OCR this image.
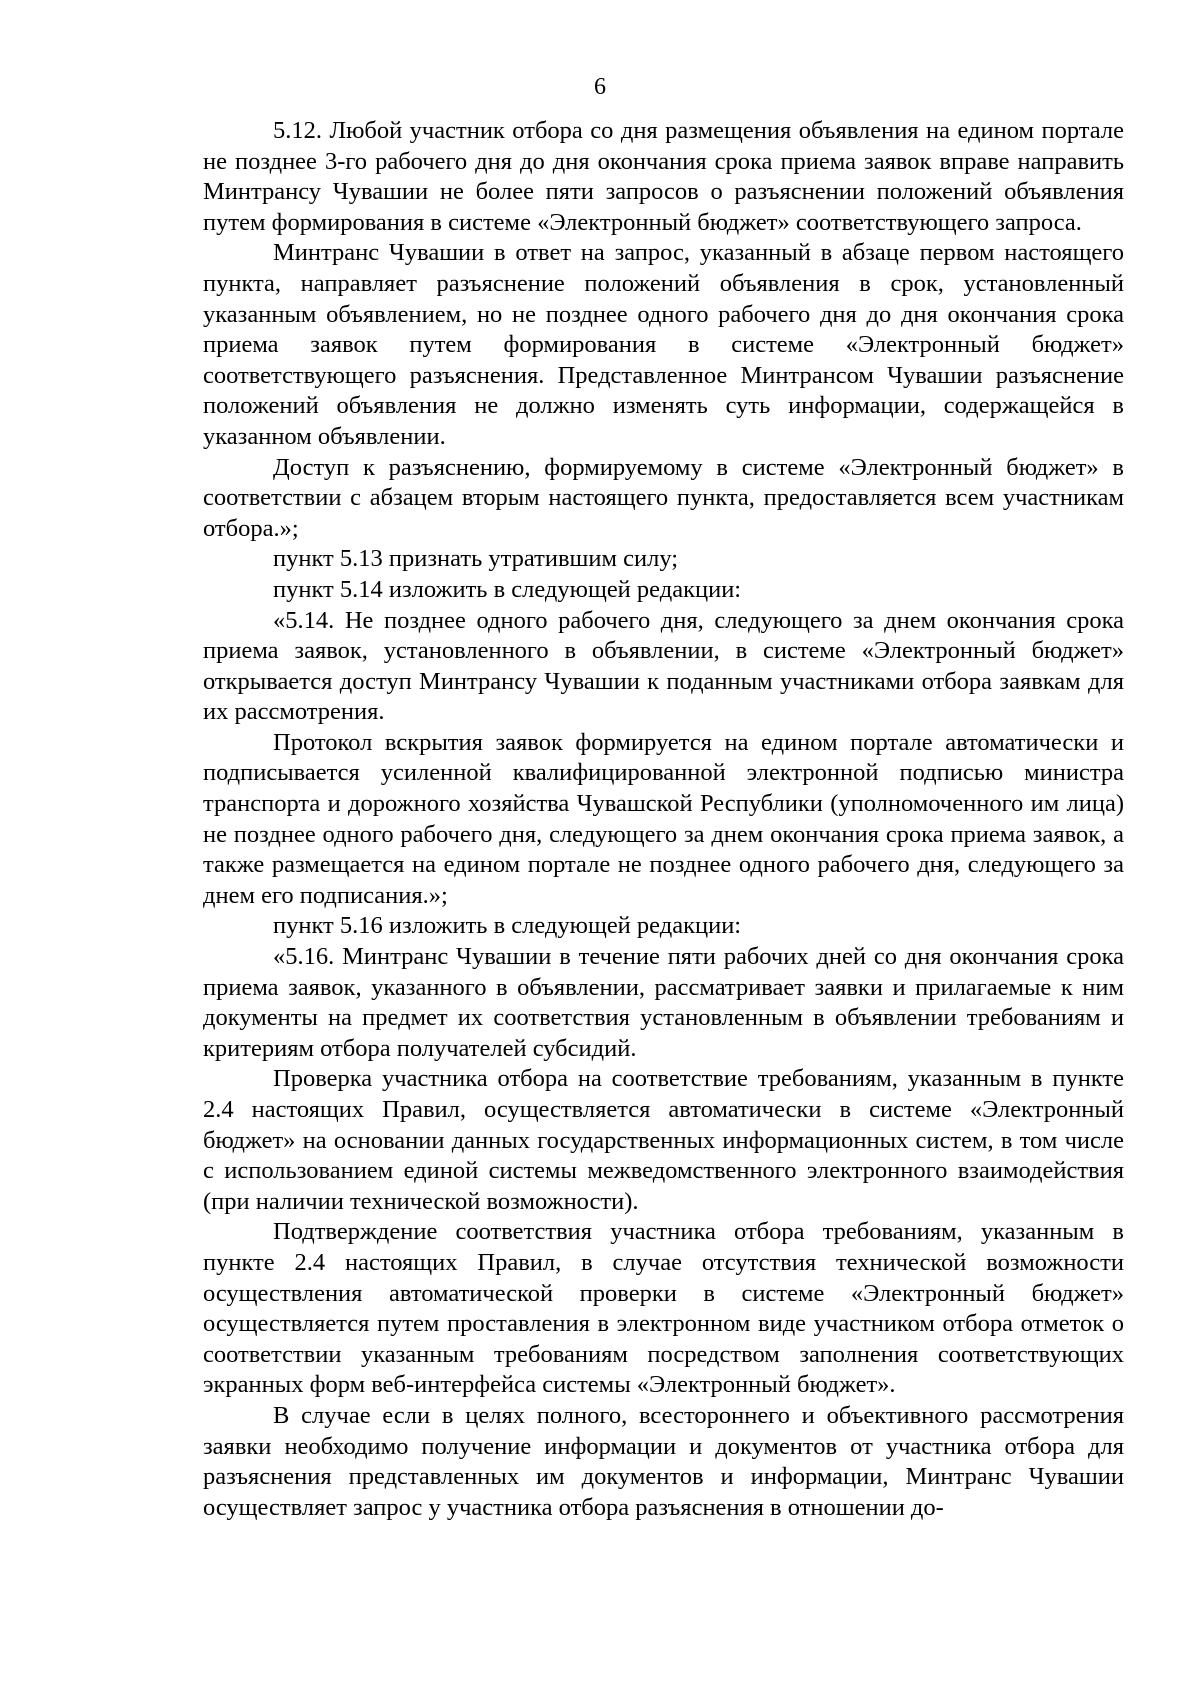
6

5.12. Любой участник отбора со дня размещения объявления на едином портале не позднее 3-го рабочего дня до дня окончания срока приема заявок вправе направить Минтрансу Чувашии не более пяти запросов о разъяснении положений объявления путем формирования в системе «Электронный бюджет» соответствующего запроса.

Минтранс Чувашии в ответ на запрос, указанный в абзаце первом настоящего пункта, направляет разъяснение положений объявления в срок, установленный указанным объявлением, но не позднее одного рабочего дня до дня окончания срока приема заявок путем формирования в системе «Электронный бюджет» соответствующего разъяснения. Представленное Минтрансом Чувашии разъяснение положений объявления не должно изменять суть информации, содержащейся в указанном объявлении.

Доступ к разъяснению, формируемому в системе «Электронный бюджет» в соответствии с абзацем вторым настоящего пункта, предоставляется всем участникам отбора.»;

пункт 5.13 признать утратившим силу;

пункт 5.14 изложить в следующей редакции:

«5.14. Не позднее одного рабочего дня, следующего за днем окончания срока приема заявок, установленного в объявлении, в системе «Электронный бюджет» открывается доступ Минтрансу Чувашии к поданным участниками отбора заявкам для их рассмотрения.

Протокол вскрытия заявок формируется на едином портале автоматически и подписывается усиленной квалифицированной электронной подписью министра транспорта и дорожного хозяйства Чувашской Республики (уполномоченного им лица) не позднее одного рабочего дня, следующего за днем окончания срока приема заявок, а также размещается на едином портале не позднее одного рабочего дня, следующего за днем его подписания.»;

пункт 5.16 изложить в следующей редакции:

«5.16. Минтранс Чувашии в течение пяти рабочих дней со дня окончания срока приема заявок, указанного в объявлении, рассматривает заявки и прилагаемые к ним документы на предмет их соответствия установленным в объявлении требованиям и критериям отбора получателей субсидий.

Проверка участника отбора на соответствие требованиям, указанным в пункте 2.4 настоящих Правил, осуществляется автоматически в системе «Электронный бюджет» на основании данных государственных информационных систем, в том числе с использованием единой системы межведомственного электронного взаимодействия (при наличии технической возможности).

Подтверждение соответствия участника отбора требованиям, указанным в пункте 2.4 настоящих Правил, в случае отсутствия технической возможности осуществления автоматической проверки в системе «Электронный бюджет» осуществляется путем проставления в электронном виде участником отбора отметок о соответствии указанным требованиям посредством заполнения соответствующих экранных форм веб-интерфейса системы «Электронный бюджет».

В случае если в целях полного, всестороннего и объективного рассмотрения заявки необходимо получение информации и документов от участника отбора для разъяснения представленных им документов и информации, Минтранс Чувашии осуществляет запрос у участника отбора разъяснения в отношении до-
